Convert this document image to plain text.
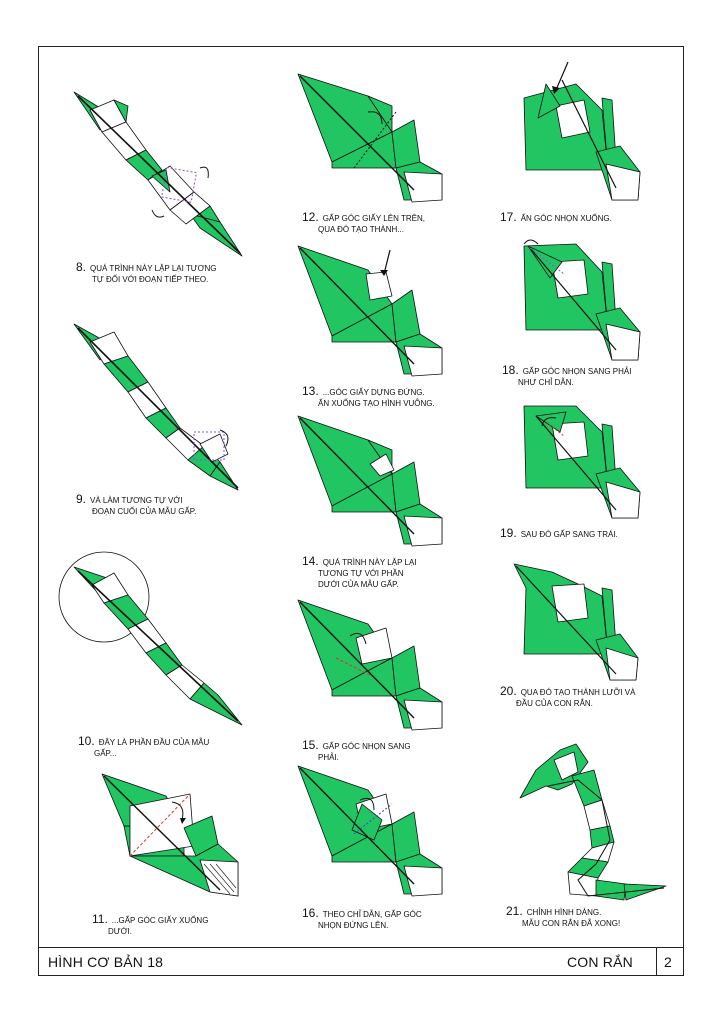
HÌNH CƠ BẢN 18	CON RẮN 2
8. QUÁ TRÌNH NÀY LẶP LẠI TƯƠNG
TỰ ĐỐI VỚI ĐOẠN TIẾP THEO.
9. VÀ LÀM TƯƠNG TỰ VỚI
ĐOẠN CUỐI CỦA MẪU GẤP.
10. ĐÂY LÀ PHẦN ĐẦU CỦA MẪU
GẤP...
11. ...GẤP GÓC GIẤY XUỐNG
DƯỚI.
12. GẤP GÓC GIẤY LÊN TRÊN,
QUA ĐÓ TẠO THÀNH...
13. ...GÓC GIẤY DỰNG ĐỨNG.
ẤN XUỐNG TẠO HÌNH VUÔNG.
14. QUÁ TRÌNH NÀY LẶP LẠI
TƯƠNG TỰ VỚI PHẦN
DƯỚI CỦA MẪU GẤP.
15. GẤP GÓC NHỌN SANG
PHẢI.
16. THEO CHỈ DẪN, GẤP GÓC
NHỌN ĐỨNG LÊN.
17. ẤN GÓC NHỌN XUỐNG.
18. GẤP GÓC NHỌN SANG PHẢI
NHƯ CHỈ DẪN.
19. SAU ĐÓ GẤP SANG TRÁI.
20. QUA ĐÓ TẠO THÀNH LƯỠI VÀ
ĐẦU CỦA CON RẮN.
21. CHỈNH HÌNH DÁNG.
MẪU CON RẮN ĐÃ XONG!
